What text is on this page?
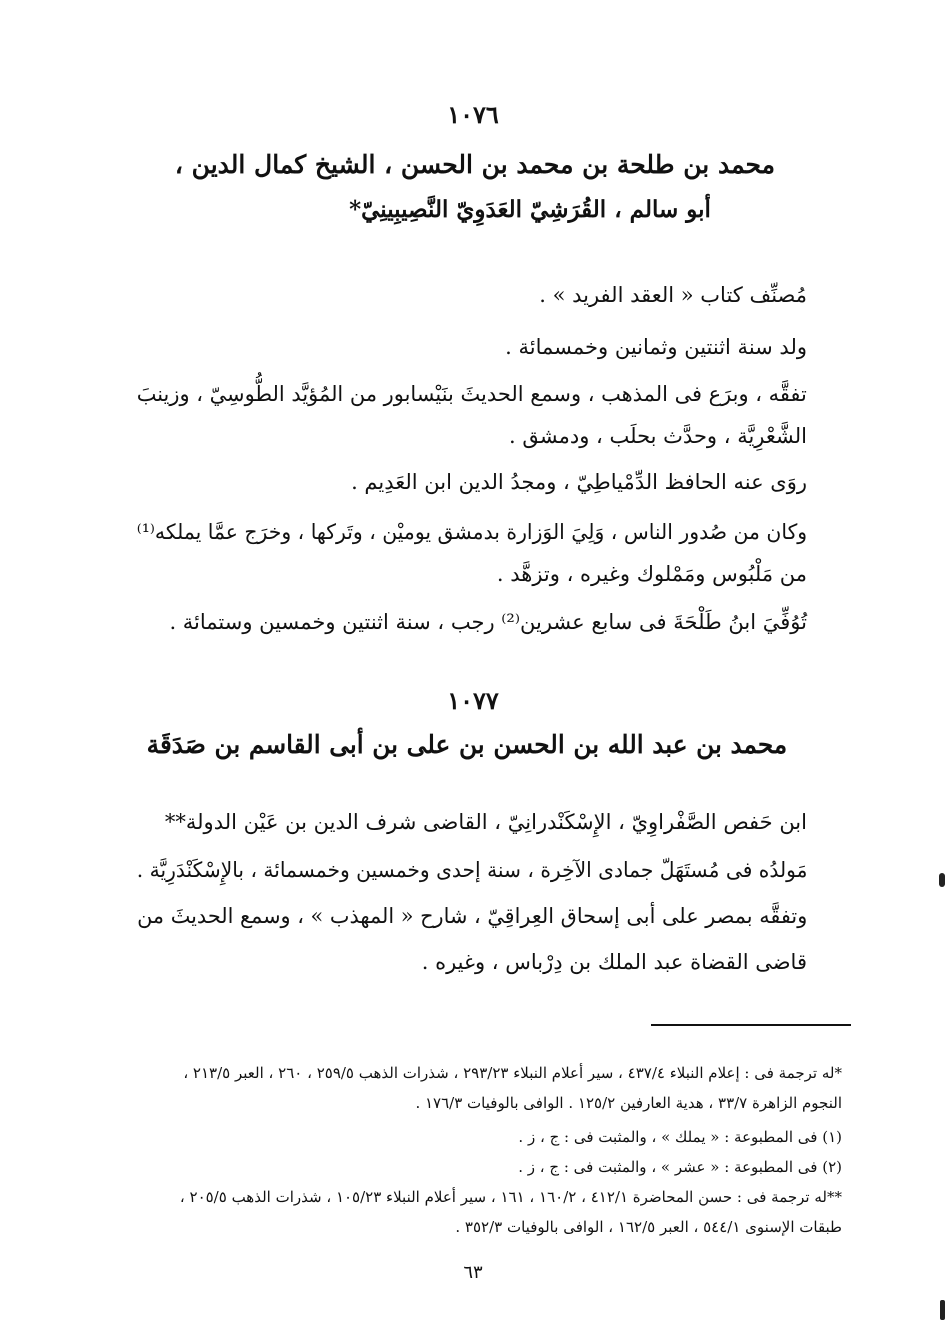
١٠٧٦
محمد بن طلحة بن محمد بن الحسن ، الشيخ كمال الدين ،
أبو سالم ، القُرَشِيّ العَدَوِيّ النَّصِيبِينِيّ*
مُصنِّف كتاب « العقد الفريد » .
ولد سنة اثنتين وثمانين وخمسمائة .
تفقَّه ، وبرَع فى المذهب ، وسمع الحديثَ بنَيْسابور من المُؤيَّد الطُّوسِيّ ، وزينبَ
الشَّعْرِيَّة ، وحدَّث بحلَب ، ودمشق .
روَى عنه الحافظ الدِّمْياطِيّ ، ومجدُ الدين ابن العَدِيم .
وكان من صُدور الناس ، وَلِيَ الوَزارة بدمشق يوميْن ، وتَركها ، وخرَج عمَّا يملكه⁽¹⁾
من مَلْبُوس ومَمْلوك وغيره ، وتزهَّد .
تُوُفِّيَ ابنُ طَلْحَةَ فى سابع عشرين⁽²⁾ رجب ، سنة اثنتين وخمسين وستمائة .
١٠٧٧
محمد بن عبد الله بن الحسن بن على بن أبى القاسم بن صَدَقَة
ابن حَفص الصَّفْراوِيّ ، الإِسْكَنْدرانِيّ ، القاضى شرف الدين بن عَيْن الدولة**
مَولدُه فى مُستَهَلّ جمادى الآخِرة ، سنة إحدى وخمسين وخمسمائة ، بالإِسْكَنْدَرِيَّة .
وتفقَّه بمصر على أبى إسحاق العِراقِيّ ، شارح « المهذب » ، وسمع الحديثَ من
قاضى القضاة عبد الملك بن دِرْباس ، وغيره .
*له ترجمة فى : إعلام النبلاء ٤٣٧/٤ ، سير أعلام النبلاء ٢٩٣/٢٣ ، شذرات الذهب ٢٥٩/٥ ، ٢٦٠ ، العبر ٢١٣/٥ ،
النجوم الزاهرة ٣٣/٧ ، هدية العارفين ١٢٥/٢ . الوافى بالوفيات ١٧٦/٣ .
(١) فى المطبوعة : « يملك » ، والمثبت فى : ج ، ز .
(٢) فى المطبوعة : « عشر » ، والمثبت فى : ج ، ز .
**له ترجمة فى : حسن المحاضرة ٤١٢/١ ، ١٦٠/٢ ، ١٦١ ، سير أعلام النبلاء ١٠٥/٢٣ ، شذرات الذهب ٢٠٥/٥ ،
طبقات الإسنوى ٥٤٤/١ ، العبر ١٦٢/٥ ، الوافى بالوفيات ٣٥٢/٣ .
٦٣
